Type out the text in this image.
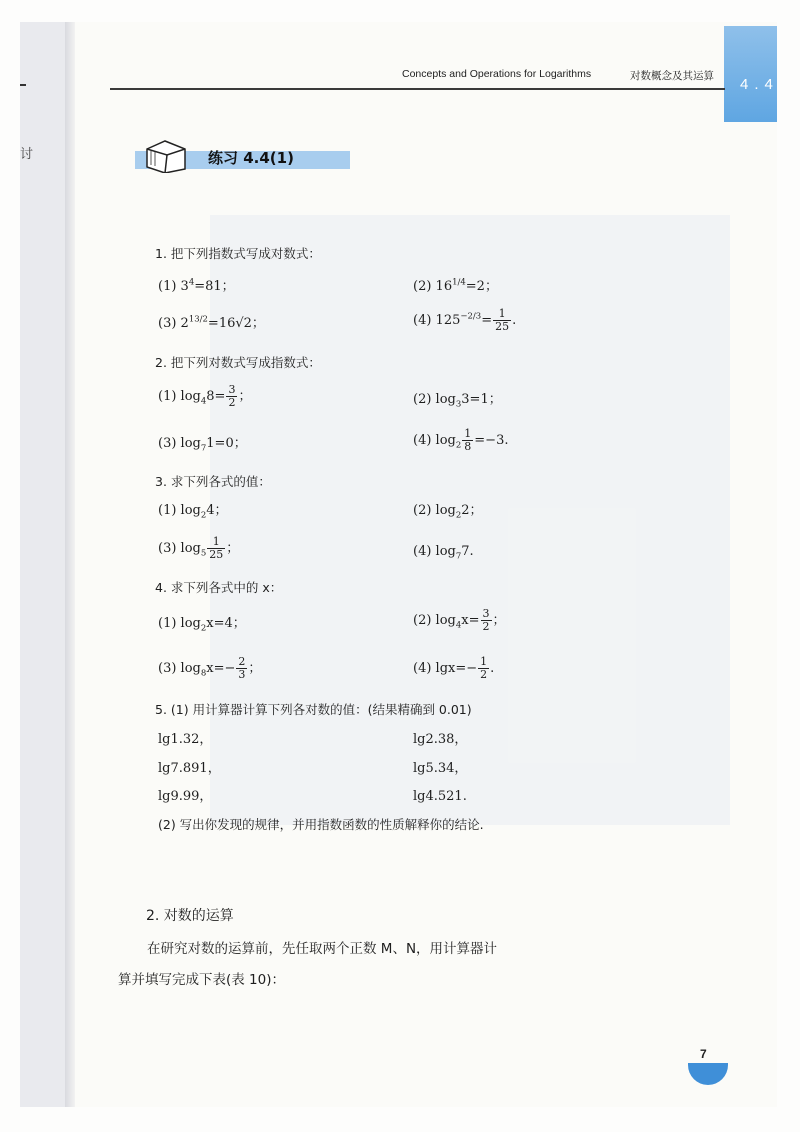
讨
4.4
Concepts and Operations for Logarithms	对数概念及其运算
练习 4.4(1)
1. 把下列指数式写成对数式：
(1) $3^4=81$；	(2) $16^{1/4}=2$；
(3) $2^{13/2}=16√2$；	(4) $125^{-2/3}= \frac{1}{25}$ .
2. 把下列对数式写成指数式：
(1) $\log_48= \frac{3}{2}$ ；	(2) $\log_33=1$；
(3) $\log_71=0$；	(4) $\log_2 \frac{1}{8} =-3$.
3. 求下列各式的值：
(1) $\log_24$；	(2) $\log_22$；
(3) $\log_5 \frac{1}{25}$ ；	(4) $\log_77$.
4. 求下列各式中的 x：
(1) $\log_2x=4$；	(2) $\log_4x= \frac{3}{2}$ ；
(3) $\log_8x=- \frac{2}{3}$ ；	(4) $\lg x=- \frac{1}{2}$ .
5. (1) 用计算器计算下列各对数的值：(结果精确到 0.01)
lg1.32，	lg2.38，
lg7.891，	lg5.34，
lg9.99，	lg4.521.
(2) 写出你发现的规律，并用指数函数的性质解释你的结论.
2. 对数的运算
在研究对数的运算前，先任取两个正数 M、N，用计算器计
算并填写完成下表(表 10)：
7
